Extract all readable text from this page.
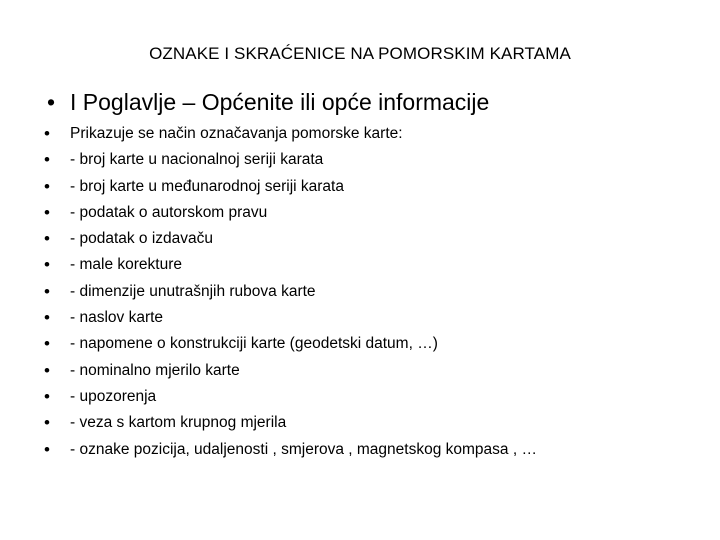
OZNAKE I SKRAĆENICE NA POMORSKIM KARTAMA
• I Poglavlje – Općenite ili opće informacije
• Prikazuje se način označavanja pomorske karte:
• - broj karte u nacionalnoj seriji karata
• - broj karte u međunarodnoj seriji karata
• - podatak o autorskom pravu
• - podatak o izdavaču
• - male korekture
• - dimenzije unutrašnjih rubova karte
• - naslov karte
• - napomene o konstrukciji karte (geodetski datum, …)
• - nominalno mjerilo karte
• - upozorenja
• - veza s kartom krupnog mjerila
• - oznake pozicija, udaljenosti , smjerova , magnetskog kompasa , …
